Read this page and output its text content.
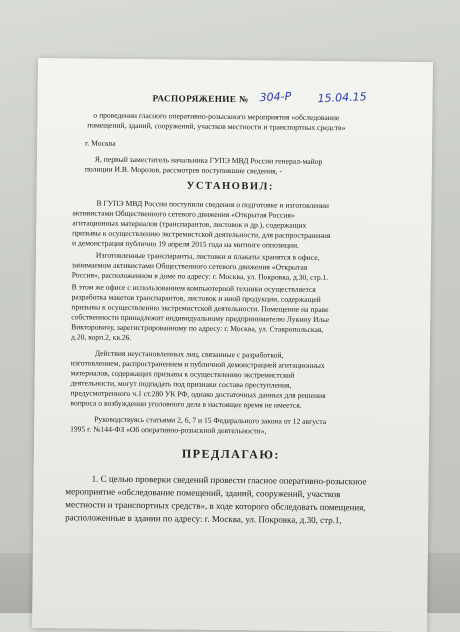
РАСПОРЯЖЕНИЕ № 304-Р 15.04.15
о проведении гласного оперативно-розыскного мероприятия «обследование
помещений, зданий, сооружений, участков местности и транспортных средств»
г. Москва
Я, первый заместитель начальника ГУПЭ МВД России генерал-майор
полиции И.В. Морозов, рассмотрев поступившие сведения, -
УСТАНОВИЛ:
В ГУПЭ МВД России поступили сведения о подготовке и изготовлении
активистами Общественного сетевого движения «Открытая Россия»
агитационных материалов (транспарантов, листовок и др.), содержащих
призывы к осуществлению экстремистской деятельности, для распространения
и демонстрация публично 19 апреля 2015 года на митинге оппозиции.
Изготовленные транспаранты, листовки и плакаты хранятся в офисе,
занимаемом активистами Общественного сетевого движения «Открытая
Россия», расположенном в доме по адресу: г. Москва, ул. Покровка, д.30, стр.1.
В этом же офисе с использованием компьютерной техники осуществляется
разработка макетов транспарантов, листовок и иной продукции, содержащей
призывы к осуществлению экстремистской деятельности. Помещение на праве
собственности принадлежит индивидуальному предпринимателю Лукину Илье
Викторовичу, зарегистрированному по адресу: г. Москва, ул. Ставропольская,
д.20, корп.2, кв.26.
Действия неустановленных лиц, связанные с разработкой,
изготовлением, распространением и публичной демонстрацией агитационных
материалов, содержащих призывы к осуществлению экстремистской
деятельности, могут подпадать под признаки состава преступления,
предусмотренного ч.1 ст.280 УК РФ, однако достаточных данных для решения
вопроса о возбуждении уголовного дела в настоящее время не имеется.
Руководствуясь статьями 2, 6, 7 и 15 Федерального закона от 12 августа
1995 г. №144-ФЗ «Об оперативно-розыскной деятельности»,
ПРЕДЛАГАЮ:
1. С целью проверки сведений провести гласное оперативно-розыскное
мероприятие «обследование помещений, зданий, сооружений, участков
местности и транспортных средств», в ходе которого обследовать помещения,
расположенные в здании по адресу: г. Москва, ул. Покровка, д.30, стр.1,
